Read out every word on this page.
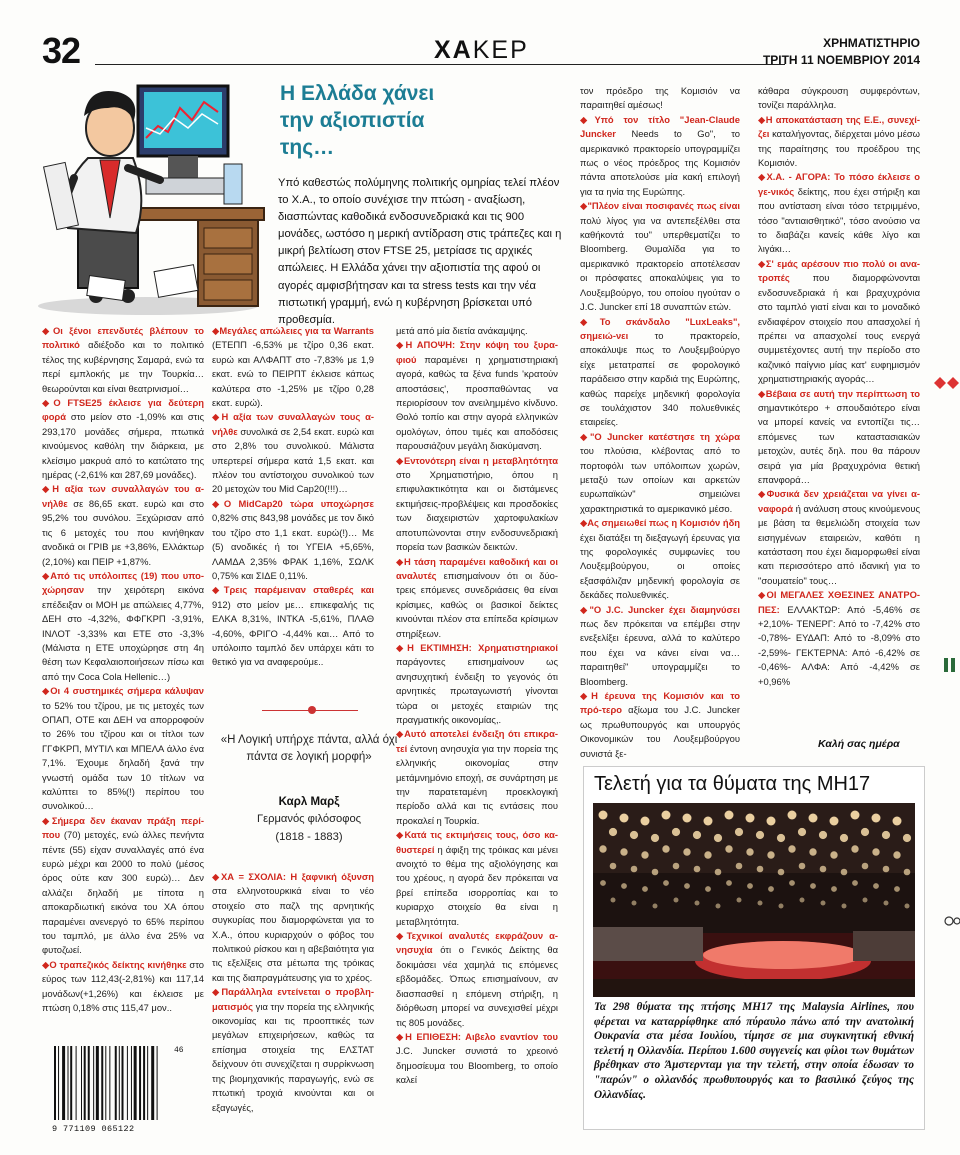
32	ΧΑΚΕΡ	ΧΡΗΜΑΤΙΣΤΗΡΙΟ
ΤΡΙΤΗ 11 ΝΟΕΜΒΡΙΟΥ 2014
Η Ελλάδα χάνει την αξιοπιστία της…

Υπό καθεστώς πολύμηνης πολιτικής ομηρίας τελεί πλέον το Χ.Α., το οποίο συνέχισε την πτώση - αναξίωση, διασπώντας καθοδικά ενδοσυνεδριακά και τις 900 μονάδες, ωστόσο η μερική αντίδραση στις τράπεζες και η μικρή βελτίωση στον FTSE 25, μετρίασε τις αρχικές απώλειες. Η Ελλάδα χάνει την αξιοπιστία της αφού οι αγορές αμφισβήτησαν και τα stress tests και την νέα πιστωτική γραμμή, ενώ η κυβέρνηση βρίσκεται υπό προθεσμία.

◆Οι ξένοι επενδυτές βλέπουν το πολιτικό αδιέξοδο και το πολιτικό τέλος της κυβέρνησης Σαμαρά, ενώ τα περί εμπλοκής με την Τουρκία… θεωρούνται και είναι θεατρινισμοί…

◆Ο FTSE25 έκλεισε για δεύτερη φορά στο μείον στο -1,09% και στις 293,170 μονάδες σήμερα, πτωτικά κινούμενος καθόλη την διάρκεια, με κλείσιμο μακρυά από το κατώτατο της ημέρας (-2,61% και 287,69 μονάδες).

◆Η αξία των συναλλαγών του α-νήλθε σε 86,65 εκατ. ευρώ και στο 95,2% του συνόλου. Ξεχώρισαν από τις 6 μετοχές του που κινήθηκαν ανοδικά οι ΓΡΙΒ με +3,86%, Ελλάκτωρ (2,10%) και ΠΕΙΡ +1,87%.

◆Από τις υπόλοιπες (19) που υπο-χώρησαν την χειρότερη εικόνα επέδειξαν οι ΜΟΗ με απώλειες 4,77%, ΔΕΗ στο -4,32%, ΦΦΓΚΡΠ -3,91%, ΙΝΛΟΤ -3,33% και ΕΤΕ στο -3,3% (Μάλιστα η ΕΤΕ υποχώρησε στη 4η θέση των Κεφαλαιοποιήσεων πίσω και από την Coca Cola Hellenic…)

◆Οι 4 συστημικές σήμερα κάλυψαν το 52% του τζίρου, με τις μετοχές των ΟΠΑΠ, ΟΤΕ και ΔΕΗ να απορροφούν το 26% του τζίρου και οι τίτλοι των ΓΓΦΚΡΠ, ΜΥΤΙΛ και ΜΠΕΛΑ άλλο ένα 7,1%. Έχουμε δηλαδή ξανά την γνωστή ομάδα των 10 τίτλων να καλύπτει το 85%(!) περίπου του συνολικού…

◆Σήμερα δεν έκαναν πράξη περί-που (70) μετοχές, ενώ άλλες πενήντα πέντε (55) είχαν συναλλαγές από ένα ευρώ μέχρι και 2000 το πολύ (μέσος όρος ούτε καν 300 ευρώ)… Δεν αλλάζει δηλαδή με τίποτα η αποκαρδιωτική εικόνα του ΧΑ όπου παραμένει ανενεργό το 65% περίπου του ταμπλό, με άλλο ένα 25% να φυτοζωεί.

◆Ο τραπεζικός δείκτης κινήθηκε στο εύρος των 112,43(-2,81%) και 117,14 μονάδων(+1,26%) και έκλεισε με πτώση 0,18% στις 115,47 μον..

◆Μεγάλες απώλειες για τα Warrants (ΕΤΕΠΠ -6,53% με τζίρο 0,36 εκατ. ευρώ και ΑΛΦΑΠΤ στο -7,83% με 1,9 εκατ. ενώ το ΠΕΙΡΠΤ έκλεισε κάπως καλύτερα στο -1,25% με τζίρο 0,28 εκατ. ευρώ).

◆Η αξία των συναλλαγών τους α-νήλθε συνολικά σε 2,54 εκατ. ευρώ και στο 2,8% του συνολικού. Μάλιστα υπερτερεί σήμερα κατά 1,5 εκατ. και πλέον του αντίστοιχου συνολικού των 20 μετοχών του Mid Cap20(!!!)…

◆Ο MidCap20 τώρα υποχώρησε 0,82% στις 843,98 μονάδες με τον δικό του τζίρο στο 1,1 εκατ. ευρώ(!)… Με (5) ανοδικές ή τοι ΥΓΕΙΑ +5,65%, ΛΑΜΔΑ 2,35% ΦΡΑΚ 1,16%, ΣΩΛΚ 0,75% και ΣΙΔΕ 0,11%.

◆Τρεις παρέμειναν σταθερές και 912) στο μείον με… επικεφαλής τις ΕΛΚΑ 8,31%, ΙΝΤΚΑ -5,61%, ΠΛΑΘ -4,60%, ΦΡΙΓΟ -4,44% και… Από το υπόλοιπο ταμπλό δεν υπάρχει κάτι το θετικό για να αναφερούμε..

«Η Λογική υπήρχε πάντα, αλλά όχι πάντα σε λογική μορφή»
Καρλ Μαρξ
Γερμανός φιλόσοφος
(1818 - 1883)

◆ΧΑ = ΣΧΟΛΙΑ: Η ξαφνική όξυνση στα ελληνοτουρκικά είναι το νέο στοιχείο στο παζλ της αρνητικής συγκυρίας που διαμορφώνεται για το Χ.Α., όπου κυριαρχούν ο φόβος του πολιτικού ρίσκου και η αβεβαιότητα για τις εξελίξεις στα μέτωπα της τρόικας και της διαπραγμάτευσης για το χρέος.

◆Παράλληλα εντείνεται ο προβλη-ματισμός για την πορεία της ελληνικής οικονομίας και τις προοπτικές των μεγάλων επιχειρήσεων, καθώς τα επίσημα στοιχεία της ΕΛΣΤΑΤ δείχνουν ότι συνεχίζεται η συρρίκνωση της βιομηχανικής παραγωγής, ενώ σε πτωτική τροχιά κινούνται και οι εξαγωγές,

μετά από μία διετία ανάκαμψης.

◆Η ΑΠΟΨΗ: Στην κόψη του ξυρα-φιού παραμένει η χρηματιστηριακή αγορά, καθώς τα ξένα funds 'κρατούν αποστάσεις', προσπαθώντας να περιορίσουν τον ανειλημμένο κίνδυνο. Θολό τοπίο και στην αγορά ελληνικών ομολόγων, όπου τιμές και αποδόσεις παρουσιάζουν μεγάλη διακύμανση.

◆Εντονότερη είναι η μεταβλητότητα στο Χρηματιστήριο, όπου η επιφυλακτικότητα και οι διστάμενες εκτιμήσεις-προβλέψεις και προσδοκίες των διαχειριστών χαρτοφυλακίων αποτυπώνονται στην ενδοσυνεδριακή πορεία των βασικών δεικτών.

◆Η τάση παραμένει καθοδική και οι αναλυτές επισημαίνουν ότι οι δύο-τρεις επόμενες συνεδριάσεις θα είναι κρίσιμες, καθώς οι βασικοί δείκτες κινούνται πλέον στα επίπεδα κρίσιμων στηρίξεων.

◆Η ΕΚΤΙΜΗΣΗ: Χρηματιστηριακοί παράγοντες επισημαίνουν ως ανησυχητική ένδειξη το γεγονός ότι αρνητικές πρωταγωνιστή γίνονται τώρα οι μετοχές εταιριών της πραγματικής οικονομίας,.

◆Αυτό αποτελεί ένδειξη ότι επικρα-τεί έντονη ανησυχία για την πορεία της ελληνικής οικονομίας στην μετάμνημόνιο εποχή, σε συνάρτηση με την παρατεταμένη προεκλογική περίοδο αλλά και τις εντάσεις που προκαλεί η Τουρκία.

◆Κατά τις εκτιμήσεις τους, όσο κα-θυστερεί η άφιξη της τρόικας και μένει ανοιχτό το θέμα της αξιολόγησης και του χρέους, η αγορά δεν πρόκειται να βρεί επίπεδα ισορροπίας και το κυριαρχο στοιχείο θα είναι η μεταβλητότητα.

◆Τεχνικοί αναλυτές εκφράζουν α-νησυχία ότι ο Γενικός Δείκτης θα δοκιμάσει νέα χαμηλά τις επόμενες εβδομάδες. Όπως επισημαίνουν, αν διασπασθεί η επόμενη στήριξη, η διόρθωση μπορεί να συνεχισθεί μέχρι τις 805 μονάδες.

◆Η ΕΠΙΘΕΣΗ: Αιβελο εναντίον του J.C. Juncker συνιστά το χρεοινό δημοσίευμα του Bloomberg, το οποίο καλεί

τον πρόεδρο της Κομισιόν να παραιτηθεί αμέσως!

◆Υπό τον τίτλο "Jean-Claude Juncker Needs to Go", το αμερικανικό πρακτορείο υπογραμμίζει πως ο νέος πρόεδρος της Κομισιόν πάντα αποτελούσε μία κακή επιλογή για τα ηνία της Ευρώπης.

◆"Πλέον είναι ποσιφανές πως είναι πολύ λίγος για να αντεπεξέλθει στα καθήκοντά του" υπερθεματίζει το Bloomberg. Θυμαλίδα για το αμερικανικό πρακτορείο αποτέλεσαν οι πρόσφατες αποκαλύψεις για το Λουξεμβούργο, του οποίου ηγούταν ο J.C. Juncker επί 18 συναπτών ετών.

◆Το σκάνδαλο "LuxLeaks", σημειώ-νει το πρακτορείο, αποκάλυψε πως το Λουξεμβούργο είχε μετατραπεί σε φορολογικό παράδεισο στην καρδιά της Ευρώπης, καθώς παρείχε μηδενική φορολογία σε τουλάχιστον 340 πολυεθνικές εταιρείες.

◆"Ο Juncker κατέστησε τη χώρα του πλούσια, κλέβοντας από το πορτοφόλι των υπόλοιπων χωρών, μεταξύ των οποίων και αρκετών ευρωπαϊκών" σημειώνει χαρακτηριστικά το αμερικανικό μέσο.

◆Ας σημειωθεί πως η Κομισιόν ήδη έχει διατάξει τη διεξαγωγή έρευνας για της φορολογικές συμφωνίες του Λουξεμβούργου, οι οποίες εξασφάλιζαν μηδενική φορολογία σε δεκάδες πολυεθνικές.

◆"Ο J.C. Juncker έχει διαμηνύσει πως δεν πρόκειται να επέμβει στην ενεξελίξει έρευνα, αλλά το καλύτερο που έχει να κάνει είναι να… παραιτηθεί" υπογραμμίζει το Bloomberg.

◆Η έρευνα της Κομισιόν και το πρό-τερο αξίωμα του J.C. Juncker ως πρωθυπουργός και υπουργός Οικονομικών του Λουξεμβούργου συνιστά ξε-

κάθαρα σύγκρουση συμφερόντων, τονίζει παράλληλα.

◆Η αποκατάσταση της Ε.Ε., συνεχί-ζει καταλήγοντας, διέρχεται μόνο μέσω της παραίτησης του προέδρου της Κομισιόν.

◆Χ.Α. - ΑΓΟΡΑ: Το πόσο έκλεισε ο γε-νικός δείκτης, που έχει στήριξη και που αντίσταση είναι τόσο τετριμμένο, τόσο "αντιαισθητικό", τόσο ανούσιο να το διαβάζει κανείς κάθε λίγο και λιγάκι…

◆Σ' εμάς αρέσουν πιο πολύ οι ανα-τροπές που διαμορφώνονται ενδοσυνεδριακά ή και βραχυχρόνια στο ταμπλό γιατί είναι και το μοναδικό ενδιαφέρον στοιχείο που απασχολεί ή πρέπει να απασχολεί τους ενεργά συμμετέχοντες αυτή την περίοδο στο καζινικό παίγνιο μίας κατ' ευφημισμόν χρηματιστηριακής αγοράς…

◆Βέβαια σε αυτή την περίπτωση το σημαντικότερο + σπουδαιότερο είναι να μπορεί κανείς να εντοπίζει τις… επόμενες των καταστασιακών μετοχών, αυτές δηλ. που θα πάρουν σειρά για μία βραχυχρόνια θετική επανφορά…

◆Φυσικά δεν χρειάζεται να γίνει α-ναφορά ή ανάλυση στους κινούμενους με βάση τα θεμελιώδη στοιχεία των εισηγμένων εταιρειών, καθότι η κατάσταση που έχει διαμορφωθεί είναι κατι περισσότερο από ιδανική για το "σουματείο" τους…

◆ΟΙ ΜΕΓΑΛΕΣ ΧΘΕΣΙΝΕΣ ΑΝΑΤΡΟ-ΠΕΣ: ΕΛΛΑΚΤΩΡ: Από -5,46% σε +2,10%- ΤΕΝΕΡΓ: Από το -7,42% στο -0,78%- ΕΥΔΑΠ: Από το -8,09% στο -2,59%- ΓΕΚΤΕΡΝΑ: Από -6,42% σε -0,46%- ΑΛΦΑ: Από -4,42% σε +0,96%

Καλή σας ημέρα
Τελετή για τα θύματα της ΜΗ17
Τα 298 θύματα της πτήσης ΜΗ17 της Malaysia Airlines, που φέρεται να καταρρίφθηκε από πύραυλο πάνω από την ανατολική Ουκρανία στα μέσα Ιουλίου, τίμησε σε μια συγκινητική εθνική τελετή η Ολλανδία. Περίπου 1.600 συγγενείς και φίλοι των θυμάτων βρέθηκαν στο Άμστερνταμ για την τελετή, στην οποία έδωσαν το "παρών" ο ολλανδός πρωθυπουργός και το βασιλικό ζεύγος της Ολλανδίας.
9 771109 065122
46
